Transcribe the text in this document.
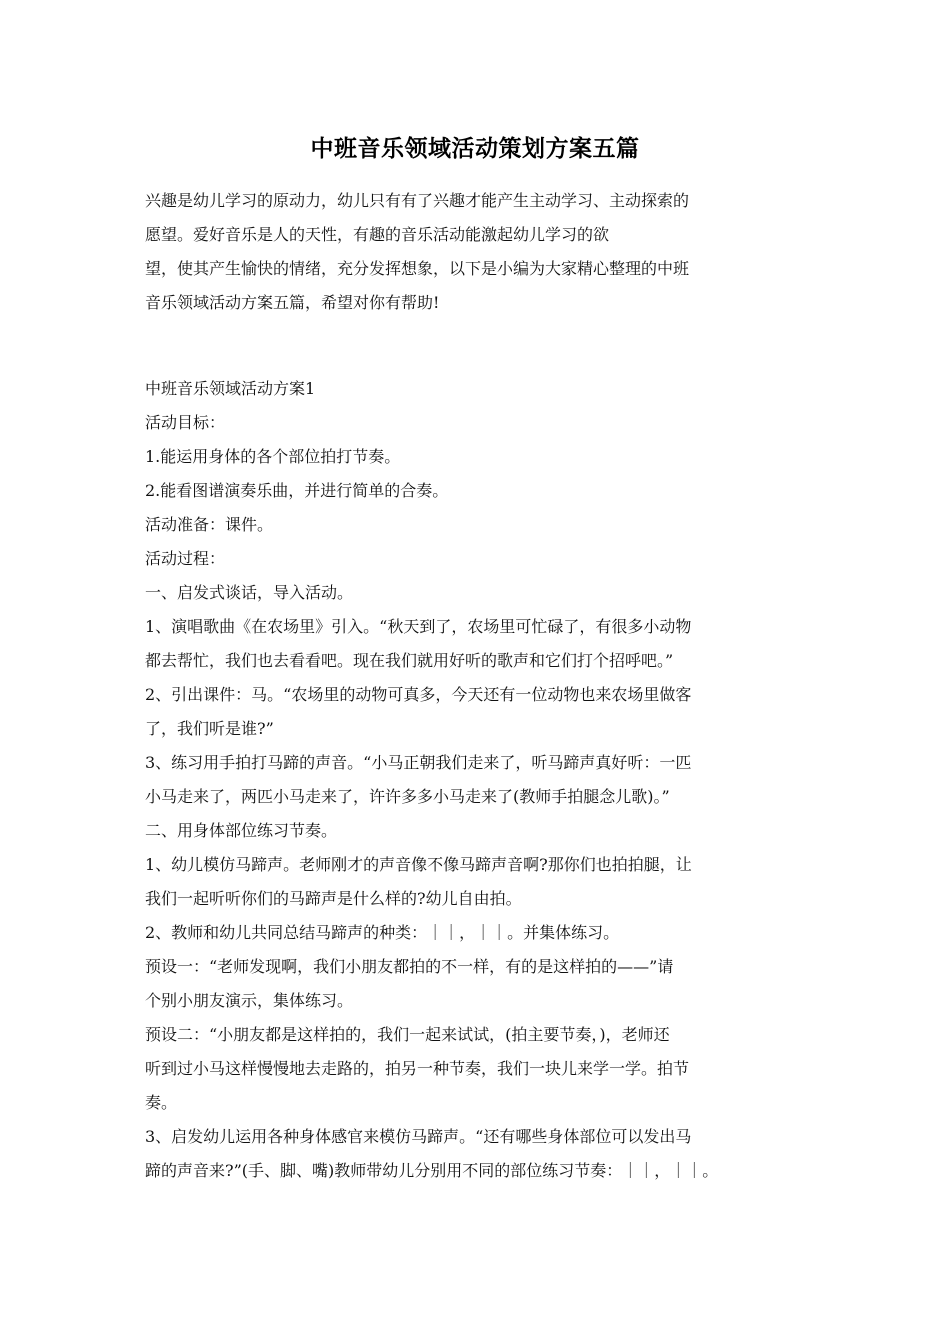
中班音乐领域活动策划方案五篇

兴趣是幼儿学习的原动力，幼儿只有有了兴趣才能产生主动学习、主动探索的

愿望。爱好音乐是人的天性，有趣的音乐活动能激起幼儿学习的欲

望，使其产生愉快的情绪，充分发挥想象，以下是小编为大家精心整理的中班

音乐领域活动方案五篇，希望对你有帮助!

中班音乐领域活动方案1

活动目标：

1.能运用身体的各个部位拍打节奏。

2.能看图谱演奏乐曲，并进行简单的合奏。

活动准备：课件。

活动过程：

一、启发式谈话，导入活动。

1、演唱歌曲《在农场里》引入。“秋天到了，农场里可忙碌了，有很多小动物

都去帮忙，我们也去看看吧。现在我们就用好听的歌声和它们打个招呼吧。”

2、引出课件：马。“农场里的动物可真多，今天还有一位动物也来农场里做客

了，我们听是谁?”

3、练习用手拍打马蹄的声音。“小马正朝我们走来了，听马蹄声真好听：一匹

小马走来了，两匹小马走来了，许许多多小马走来了(教师手拍腿念儿歌)。”

二、用身体部位练习节奏。

1、幼儿模仿马蹄声。老师刚才的声音像不像马蹄声音啊?那你们也拍拍腿，让

我们一起听听你们的马蹄声是什么样的?幼儿自由拍。

2、教师和幼儿共同总结马蹄声的种类：｜｜，｜｜。并集体练习。

预设一：“老师发现啊，我们小朋友都拍的不一样，有的是这样拍的——”请

个别小朋友演示，集体练习。

预设二：“小朋友都是这样拍的，我们一起来试试，(拍主要节奏，)，老师还

听到过小马这样慢慢地去走路的，拍另一种节奏，我们一块儿来学一学。拍节

奏。

3、启发幼儿运用各种身体感官来模仿马蹄声。“还有哪些身体部位可以发出马

蹄的声音来?”(手、脚、嘴)教师带幼儿分别用不同的部位练习节奏：｜｜，｜｜。
